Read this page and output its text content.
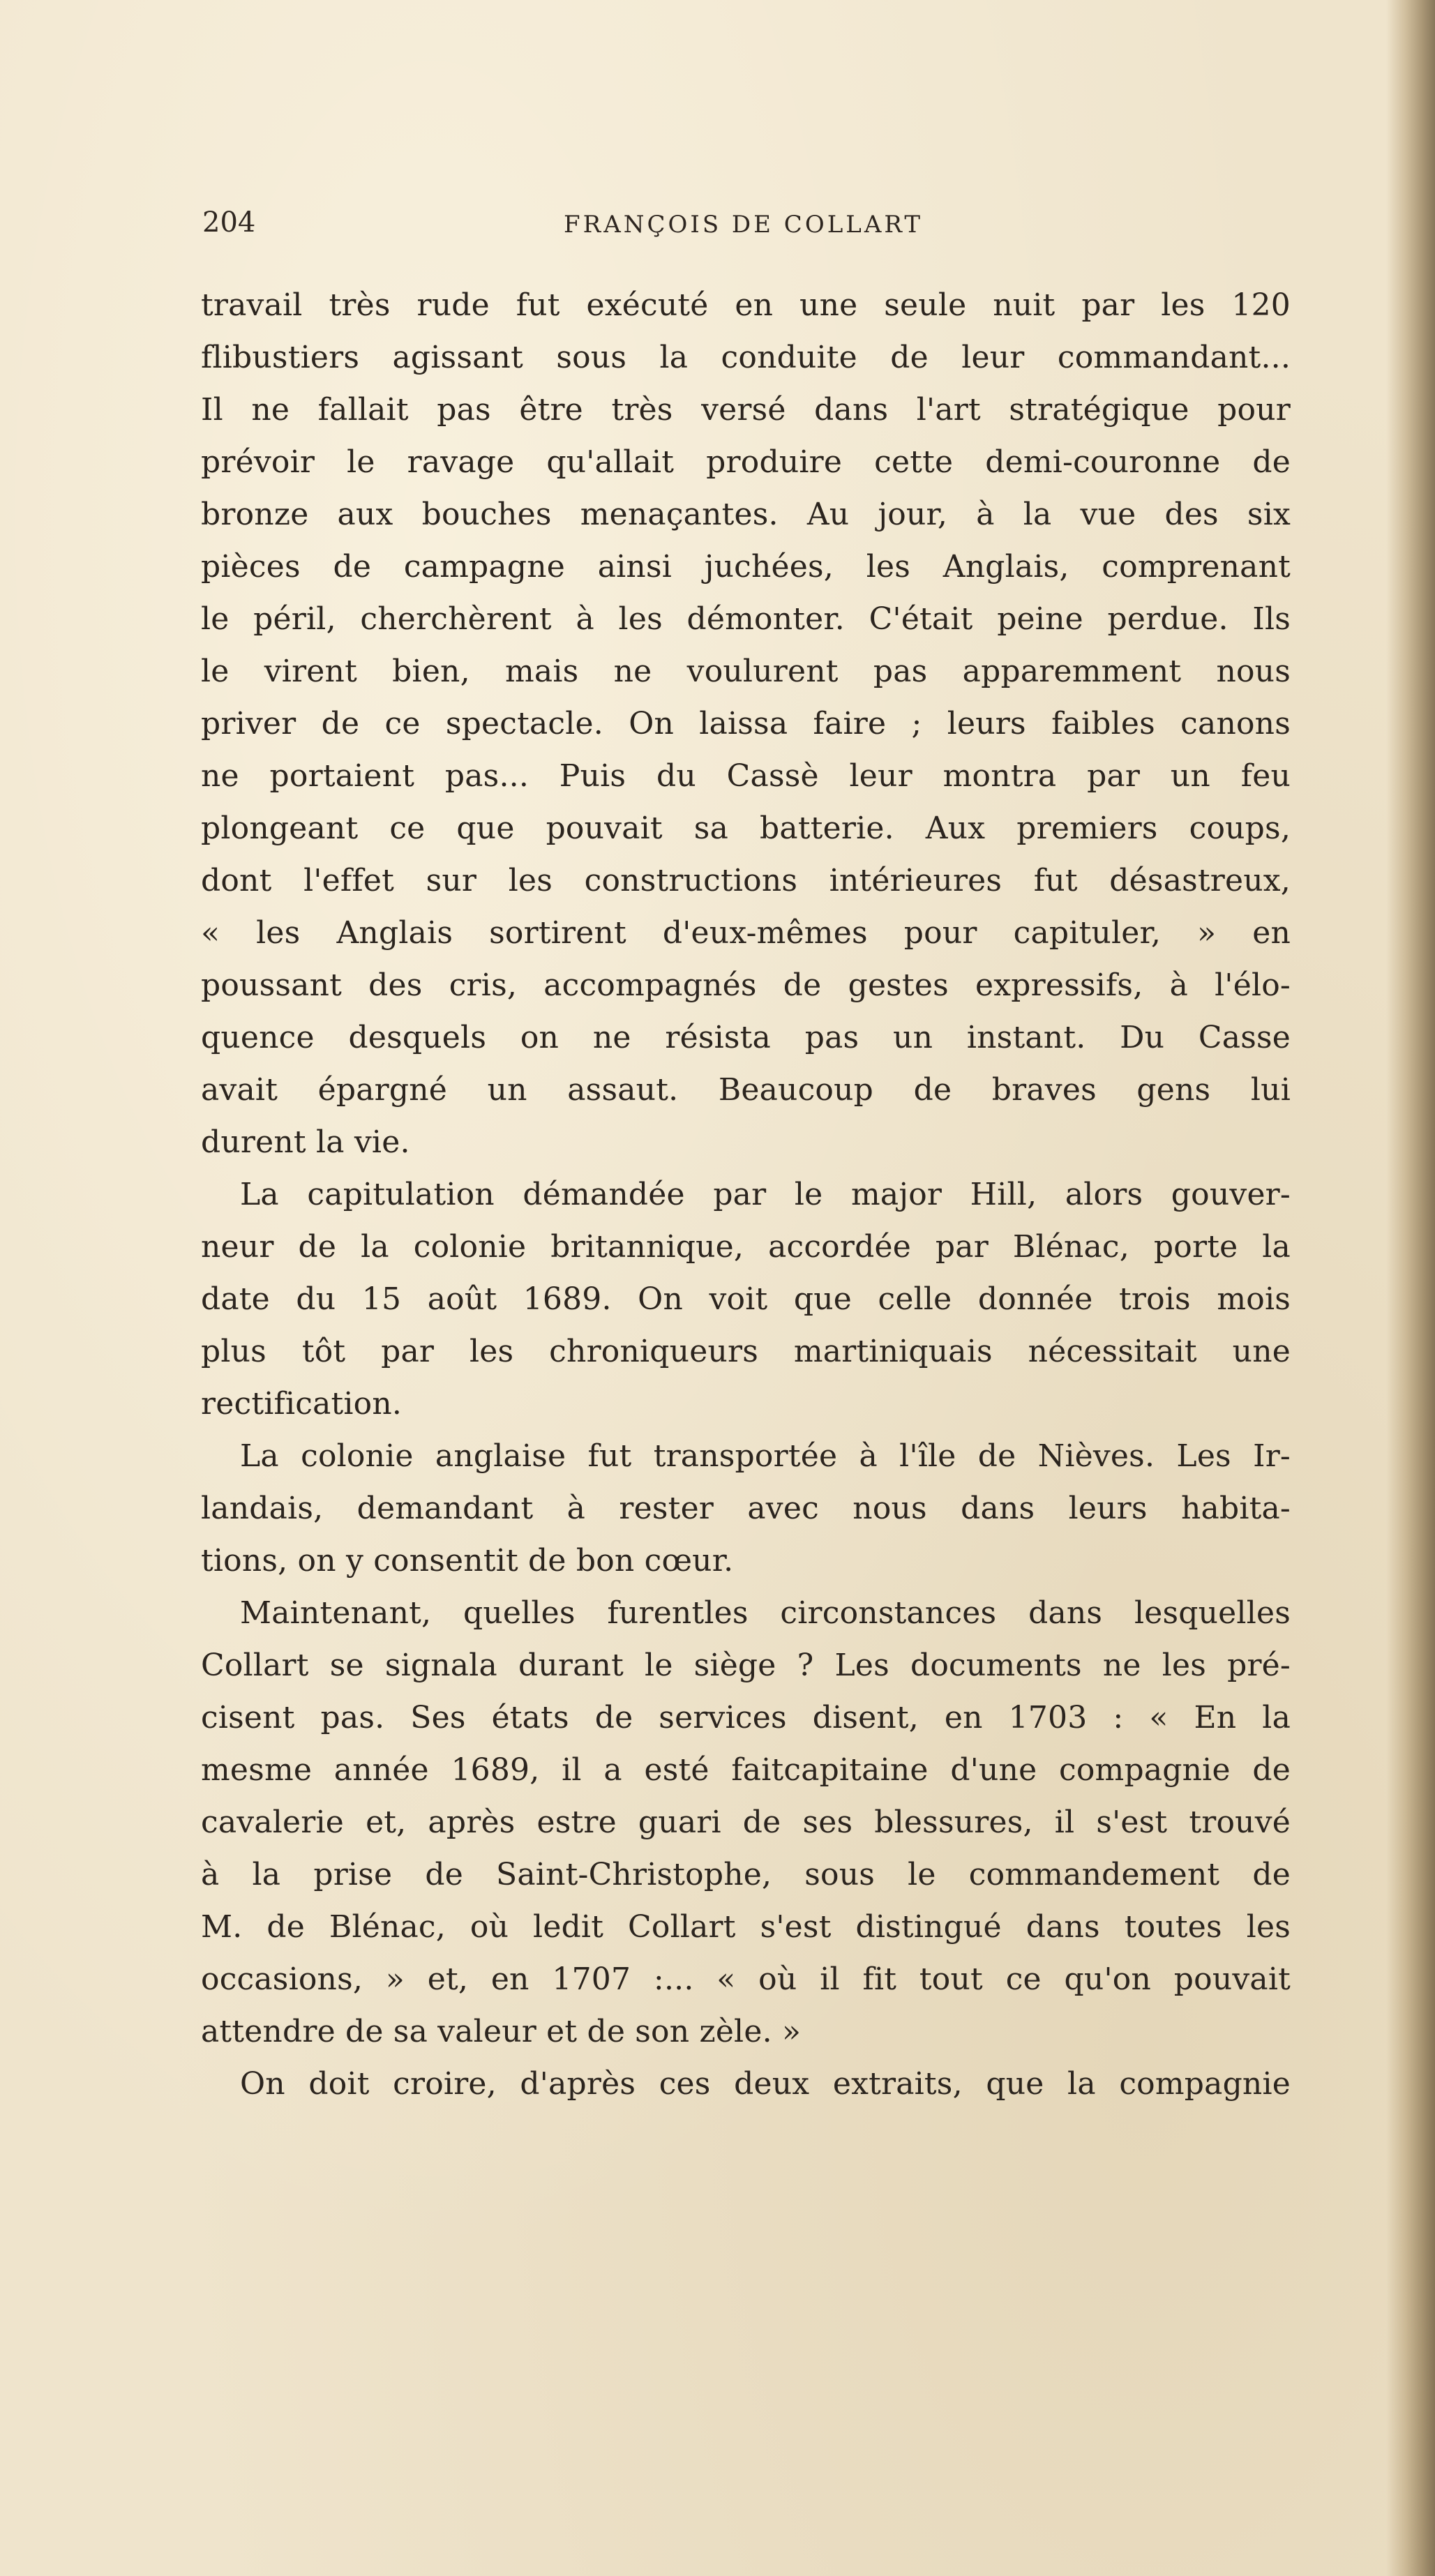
204	FRANÇOIS DE COLLART
travail très rude fut exécuté en une seule nuit par les 120
flibustiers agissant sous la conduite de leur commandant...
Il ne fallait pas être très versé dans l'art stratégique pour
prévoir le ravage qu'allait produire cette demi-couronne de
bronze aux bouches menaçantes. Au jour, à la vue des six
pièces de campagne ainsi juchées, les Anglais, comprenant
le péril, cherchèrent à les démonter. C'était peine perdue. Ils
le virent bien, mais ne voulurent pas apparemment nous
priver de ce spectacle. On laissa faire ; leurs faibles canons
ne portaient pas... Puis du Cassè leur montra par un feu
plongeant ce que pouvait sa batterie. Aux premiers coups,
dont l'effet sur les constructions intérieures fut désastreux,
« les Anglais sortirent d'eux-mêmes pour capituler, » en
poussant des cris, accompagnés de gestes expressifs, à l'élo-
quence desquels on ne résista pas un instant. Du Casse
avait épargné un assaut. Beaucoup de braves gens lui
durent la vie.
La capitulation démandée par le major Hill, alors gouver-
neur de la colonie britannique, accordée par Blénac, porte la
date du 15 août 1689. On voit que celle donnée trois mois
plus tôt par les chroniqueurs martiniquais nécessitait une
rectification.
La colonie anglaise fut transportée à l'île de Nièves. Les Ir-
landais, demandant à rester avec nous dans leurs habita-
tions, on y consentit de bon cœur.
Maintenant, quelles furentles circonstances dans lesquelles
Collart se signala durant le siège ? Les documents ne les pré-
cisent pas. Ses états de services disent, en 1703 : « En la
mesme année 1689, il a esté faitcapitaine d'une compagnie de
cavalerie et, après estre guari de ses blessures, il s'est trouvé
à la prise de Saint-Christophe, sous le commandement de
M. de Blénac, où ledit Collart s'est distingué dans toutes les
occasions, » et, en 1707 :... « où il fit tout ce qu'on pouvait
attendre de sa valeur et de son zèle. »
On doit croire, d'après ces deux extraits, que la compagnie
